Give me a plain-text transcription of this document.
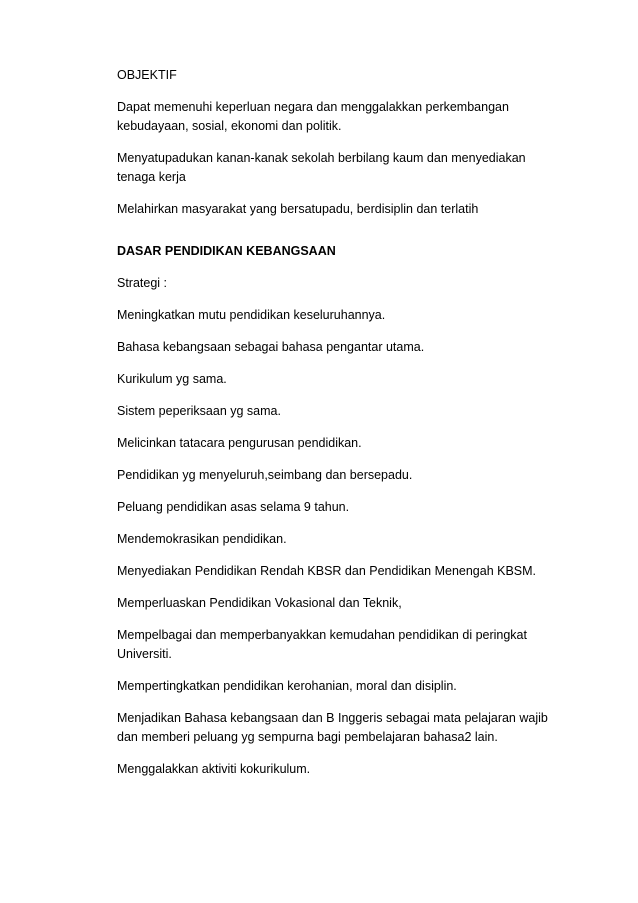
OBJEKTIF

Dapat memenuhi keperluan negara dan menggalakkan perkembangan kebudayaan, sosial, ekonomi dan politik.

Menyatupadukan kanan-kanak sekolah berbilang kaum dan menyediakan tenaga kerja

Melahirkan masyarakat yang bersatupadu, berdisiplin dan terlatih

DASAR PENDIDIKAN KEBANGSAAN

Strategi :

Meningkatkan mutu pendidikan keseluruhannya.

Bahasa kebangsaan sebagai bahasa pengantar utama.

Kurikulum yg sama.

Sistem peperiksaan yg sama.

Melicinkan tatacara pengurusan pendidikan.

Pendidikan yg menyeluruh,seimbang dan bersepadu.

Peluang pendidikan asas selama 9 tahun.

Mendemokrasikan pendidikan.

Menyediakan Pendidikan Rendah KBSR dan Pendidikan Menengah KBSM.

Memperluaskan Pendidikan Vokasional dan Teknik,

Mempelbagai dan memperbanyakkan kemudahan pendidikan di peringkat Universiti.

Mempertingkatkan pendidikan kerohanian, moral dan disiplin.

Menjadikan Bahasa kebangsaan dan B Inggeris sebagai mata pelajaran wajib dan memberi peluang yg sempurna bagi pembelajaran bahasa2 lain.

Menggalakkan aktiviti kokurikulum.
